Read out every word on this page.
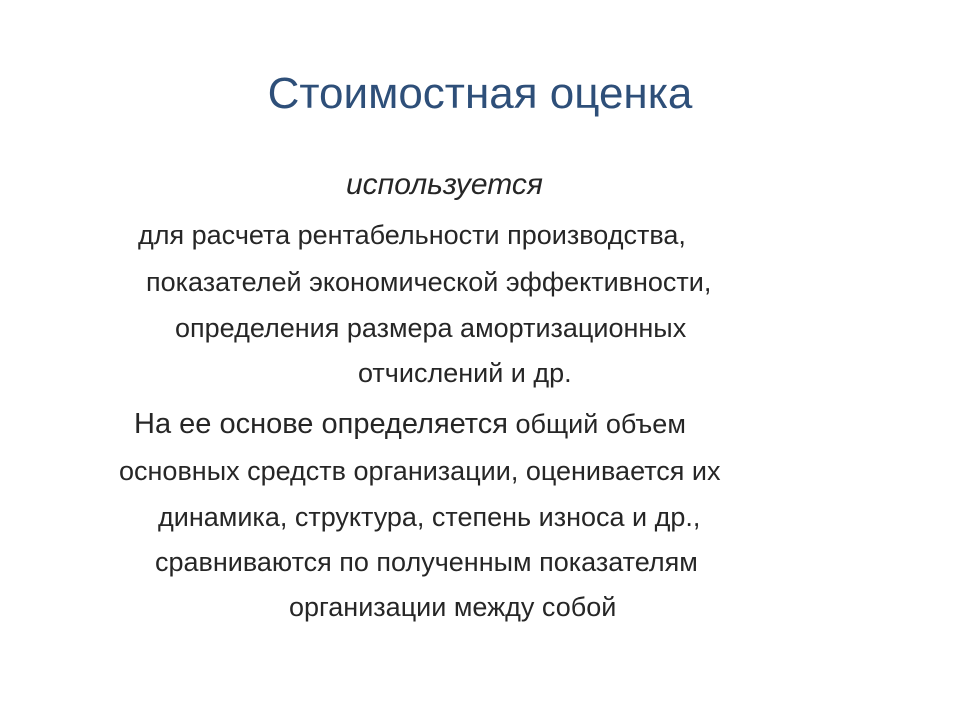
Стоимостная оценка
используется
для расчета рентабельности производства,
показателей экономической эффективности,
определения размера амортизационных
отчислений и др.
На ее основе определяется общий объем
основных средств организации, оценивается их
динамика, структура, степень износа и др.,
сравниваются по полученным показателям
организации между собой
